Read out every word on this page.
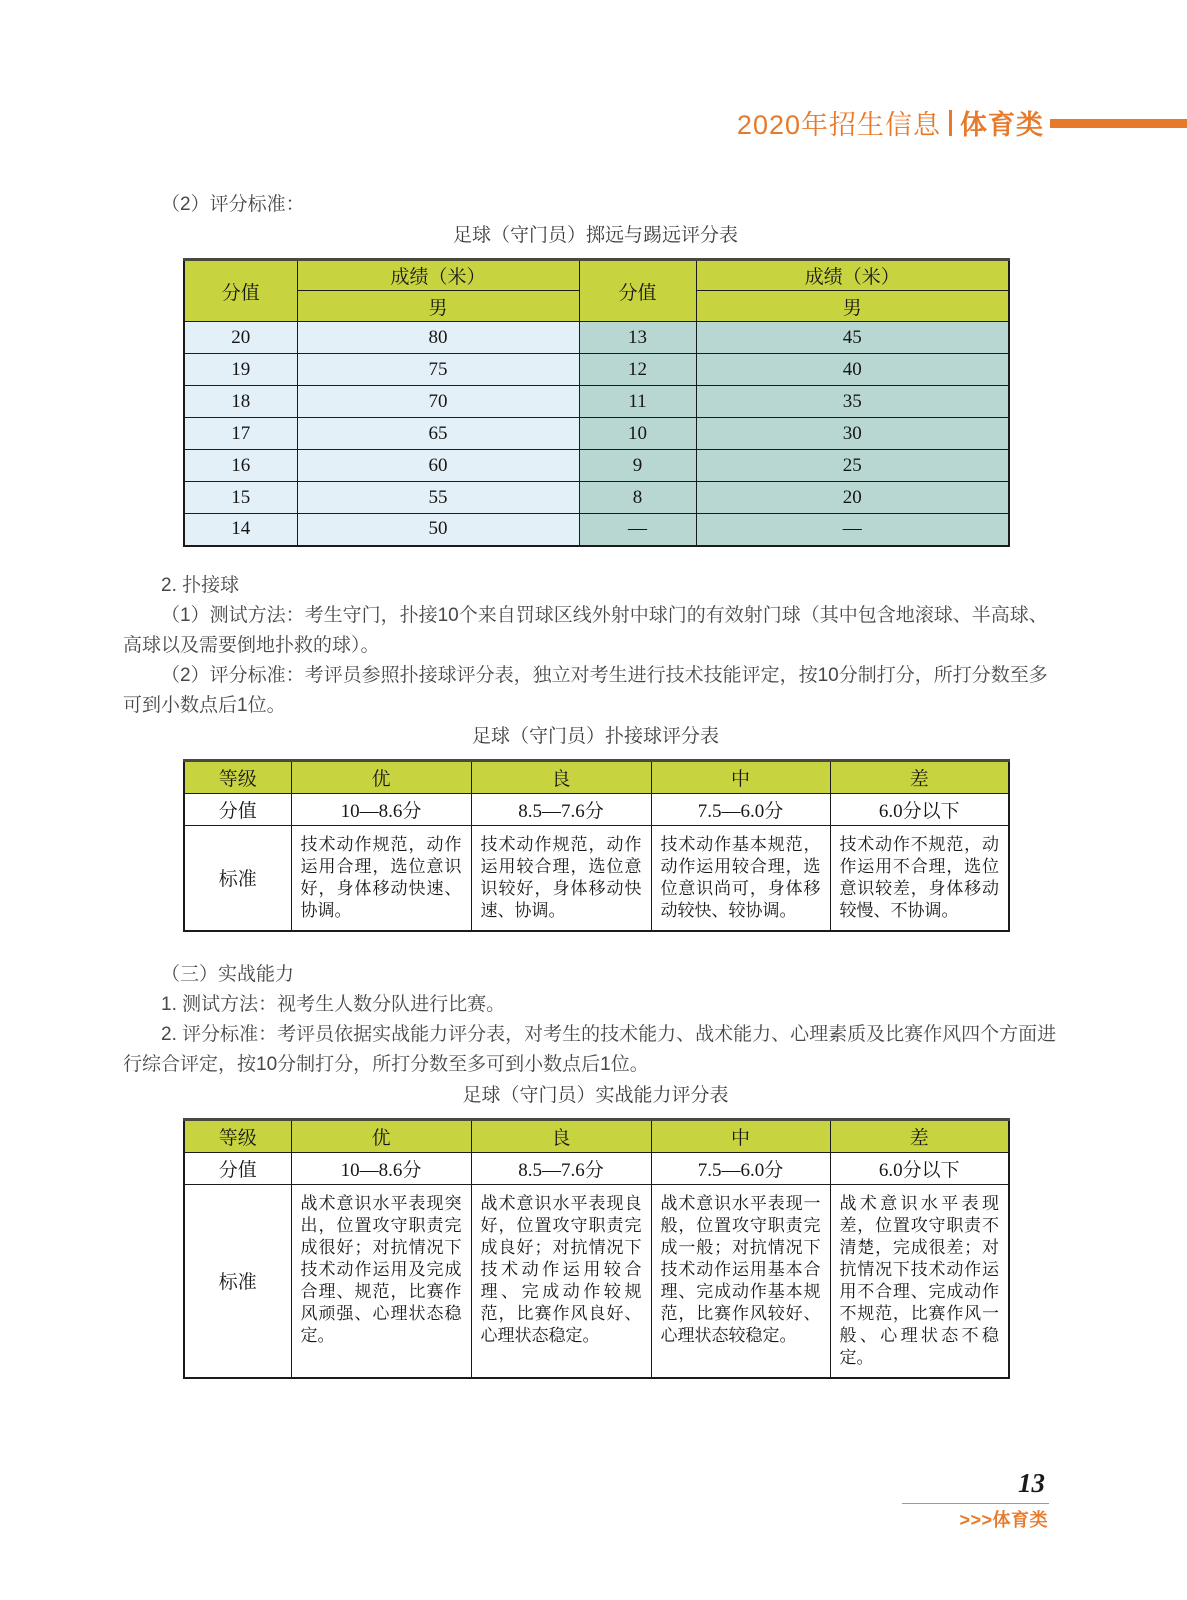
2020年招生信息 体育类

（2）评分标准：

足球（守门员）掷远与踢远评分表
分值	成绩（米）	分值	成绩（米）
	男		男
20	80	13	45
19	75	12	40
18	70	11	35
17	65	10	30
16	60	9	25
15	55	8	20
14	50	—	—

2. 扑接球

（1）测试方法：考生守门，扑接10个来自罚球区线外射中球门的有效射门球（其中包含地滚球、半高球、高球以及需要倒地扑救的球）。

（2）评分标准：考评员参照扑接球评分表，独立对考生进行技术技能评定，按10分制打分，所打分数至多可到小数点后1位。

足球（守门员）扑接球评分表
等级	优	良	中	差
分值	10—8.6分	8.5—7.6分	7.5—6.0分	6.0分以下
标准	技术动作规范，动作运用合理，选位意识好，身体移动快速、协调。	技术动作规范，动作运用较合理，选位意识较好，身体移动快速、协调。	技术动作基本规范，动作运用较合理，选位意识尚可，身体移动较快、较协调。	技术动作不规范，动作运用不合理，选位意识较差，身体移动较慢、不协调。

（三）实战能力

1. 测试方法：视考生人数分队进行比赛。

2. 评分标准：考评员依据实战能力评分表，对考生的技术能力、战术能力、心理素质及比赛作风四个方面进行综合评定，按10分制打分，所打分数至多可到小数点后1位。

足球（守门员）实战能力评分表
等级	优	良	中	差
分值	10—8.6分	8.5—7.6分	7.5—6.0分	6.0分以下
标准	战术意识水平表现突出，位置攻守职责完成很好；对抗情况下技术动作运用及完成合理、规范，比赛作风顽强、心理状态稳定。	战术意识水平表现良好，位置攻守职责完成良好；对抗情况下技术动作运用较合理、完成动作较规范，比赛作风良好、心理状态稳定。	战术意识水平表现一般，位置攻守职责完成一般；对抗情况下技术动作运用基本合理、完成动作基本规范，比赛作风较好、心理状态较稳定。	战术意识水平表现差，位置攻守职责不清楚，完成很差；对抗情况下技术动作运用不合理、完成动作不规范，比赛作风一般、心理状态不稳定。
13
>>>体育类
